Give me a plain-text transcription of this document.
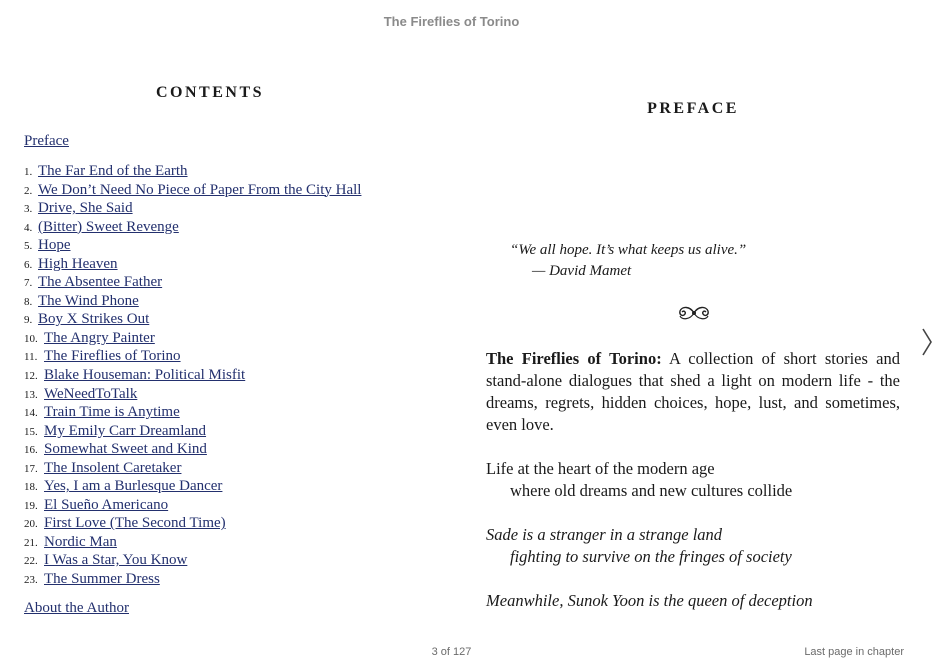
The Fireflies of Torino
CONTENTS
Preface
1. The Far End of the Earth
2. We Don’t Need No Piece of Paper From the City Hall
3. Drive, She Said
4. (Bitter) Sweet Revenge
5. Hope
6. High Heaven
7. The Absentee Father
8. The Wind Phone
9. Boy X Strikes Out
10. The Angry Painter
11. The Fireflies of Torino
12. Blake Houseman: Political Misfit
13. WeNeedToTalk
14. Train Time is Anytime
15. My Emily Carr Dreamland
16. Somewhat Sweet and Kind
17. The Insolent Caretaker
18. Yes, I am a Burlesque Dancer
19. El Sueño Americano
20. First Love (The Second Time)
21. Nordic Man
22. I Was a Star, You Know
23. The Summer Dress
About the Author
PREFACE
“We all hope. It’s what keeps us alive.”
— David Mamet
The Fireflies of Torino: A collection of short stories and stand-alone dialogues that shed a light on modern life - the dreams, regrets, hidden choices, hope, lust, and sometimes, even love.
Life at the heart of the modern age
where old dreams and new cultures collide
Sade is a stranger in a strange land
fighting to survive on the fringes of society
Meanwhile, Sunok Yoon is the queen of deception
3 of 127	Last page in chapter
